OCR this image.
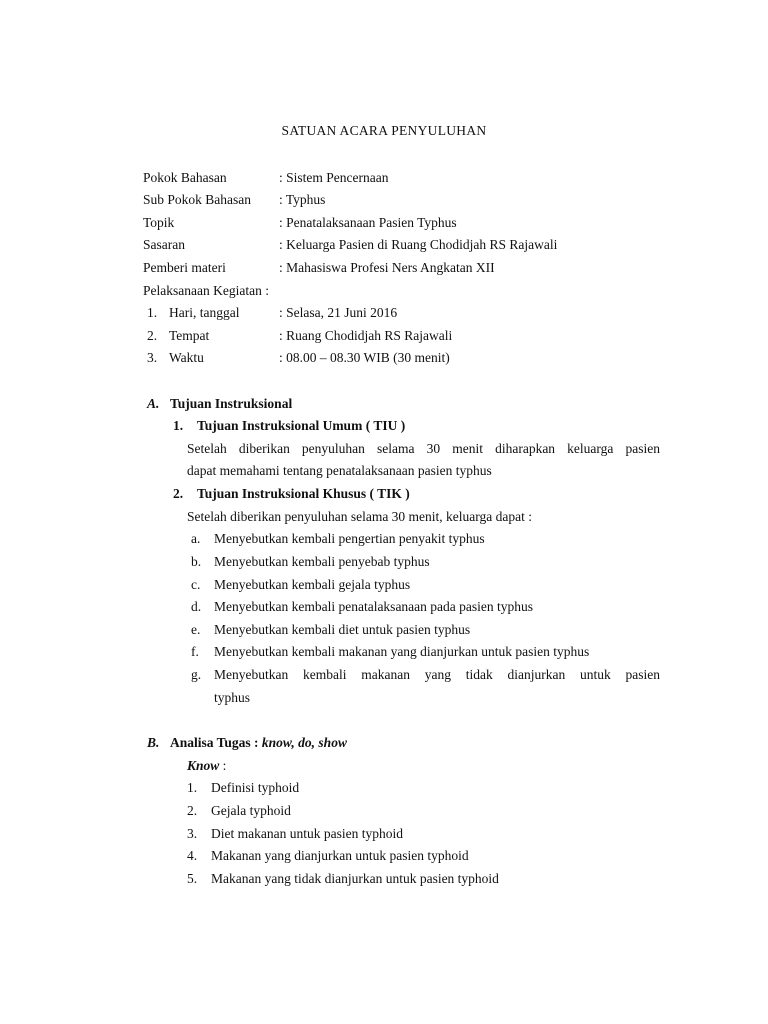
SATUAN ACARA PENYULUHAN
Pokok Bahasan	: Sistem Pencernaan
Sub Pokok Bahasan : Typhus
Topik	: Penatalaksanaan Pasien Typhus
Sasaran	: Keluarga Pasien di Ruang Chodidjah RS Rajawali
Pemberi materi	: Mahasiswa Profesi Ners Angkatan XII
Pelaksanaan Kegiatan :
1. Hari, tanggal	: Selasa, 21 Juni 2016
2. Tempat	: Ruang Chodidjah RS Rajawali
3. Waktu	: 08.00 – 08.30 WIB (30 menit)
A. Tujuan Instruksional
1. Tujuan Instruksional Umum ( TIU )
Setelah diberikan penyuluhan selama 30 menit diharapkan keluarga pasien
dapat memahami tentang penatalaksanaan pasien typhus
2. Tujuan Instruksional Khusus ( TIK )
Setelah diberikan penyuluhan selama 30 menit, keluarga dapat :
a. Menyebutkan kembali pengertian penyakit typhus
b. Menyebutkan kembali penyebab typhus
c. Menyebutkan kembali gejala typhus
d. Menyebutkan kembali penatalaksanaan pada pasien typhus
e. Menyebutkan kembali diet untuk pasien typhus
f. Menyebutkan kembali makanan yang dianjurkan untuk pasien typhus
g. Menyebutkan kembali makanan yang tidak dianjurkan untuk pasien
typhus
B. Analisa Tugas : know, do, show
Know :
1. Definisi typhoid
2. Gejala typhoid
3. Diet makanan untuk pasien typhoid
4. Makanan yang dianjurkan untuk pasien typhoid
5. Makanan yang tidak dianjurkan untuk pasien typhoid
